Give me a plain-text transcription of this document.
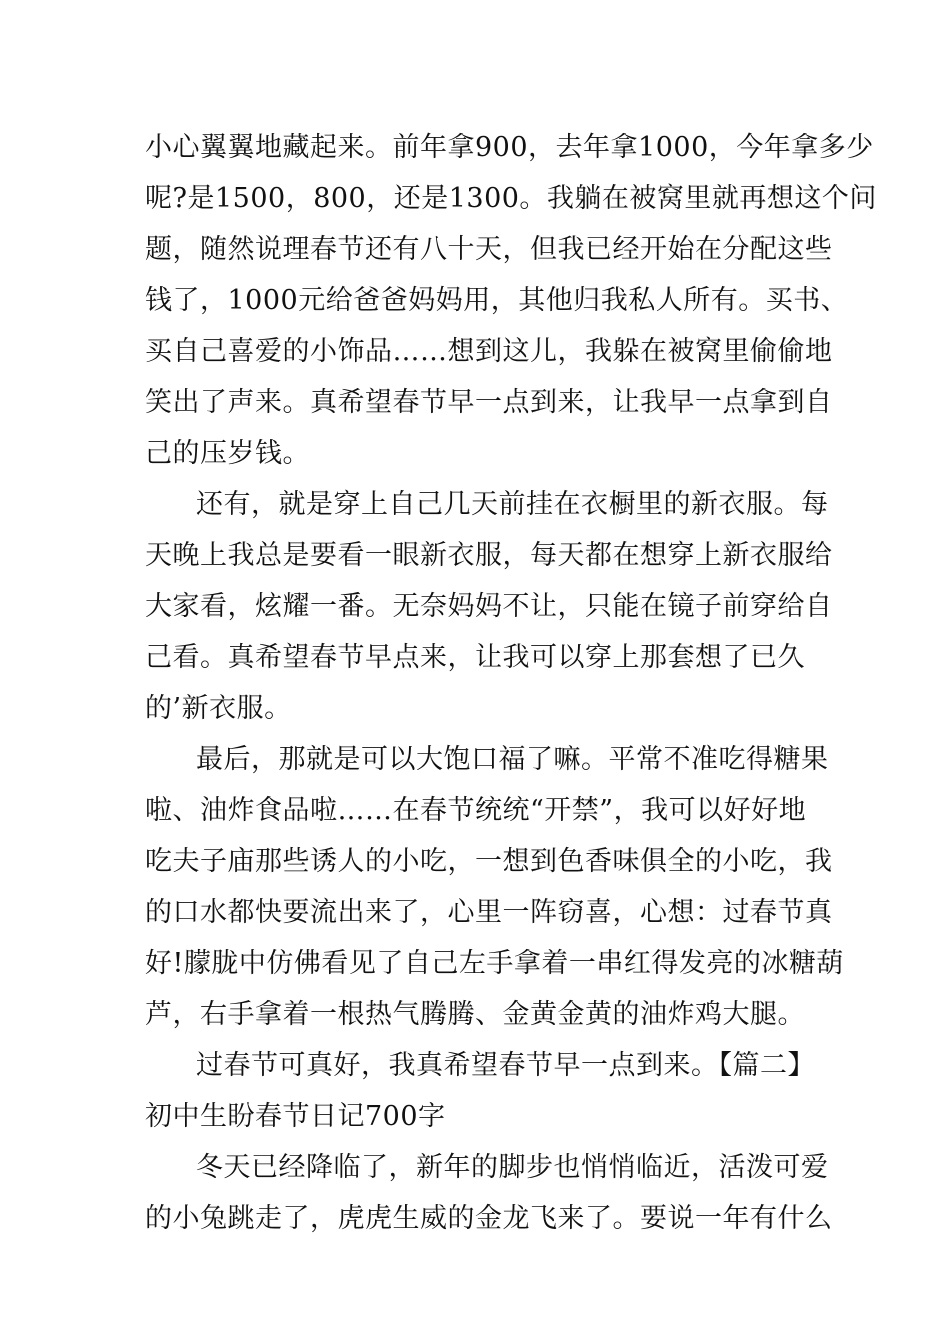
小心翼翼地藏起来。前年拿900，去年拿1000，今年拿多少
呢?是1500，800，还是1300。我躺在被窝里就再想这个问
题，随然说理春节还有八十天，但我已经开始在分配这些
钱了，1000元给爸爸妈妈用，其他归我私人所有。买书、
买自己喜爱的小饰品……想到这儿，我躲在被窝里偷偷地
笑出了声来。真希望春节早一点到来，让我早一点拿到自
己的压岁钱。
还有，就是穿上自己几天前挂在衣橱里的新衣服。每
天晚上我总是要看一眼新衣服，每天都在想穿上新衣服给
大家看，炫耀一番。无奈妈妈不让，只能在镜子前穿给自
己看。真希望春节早点来，让我可以穿上那套想了已久
的’新衣服。
最后，那就是可以大饱口福了嘛。平常不准吃得糖果
啦、油炸食品啦……在春节统统“开禁”，我可以好好地
吃夫子庙那些诱人的小吃，一想到色香味俱全的小吃，我
的口水都快要流出来了，心里一阵窃喜，心想：过春节真
好!朦胧中仿佛看见了自己左手拿着一串红得发亮的冰糖葫
芦，右手拿着一根热气腾腾、金黄金黄的油炸鸡大腿。
过春节可真好，我真希望春节早一点到来。【篇二】
初中生盼春节日记700字
冬天已经降临了，新年的脚步也悄悄临近，活泼可爱
的小兔跳走了，虎虎生威的金龙飞来了。要说一年有什么
